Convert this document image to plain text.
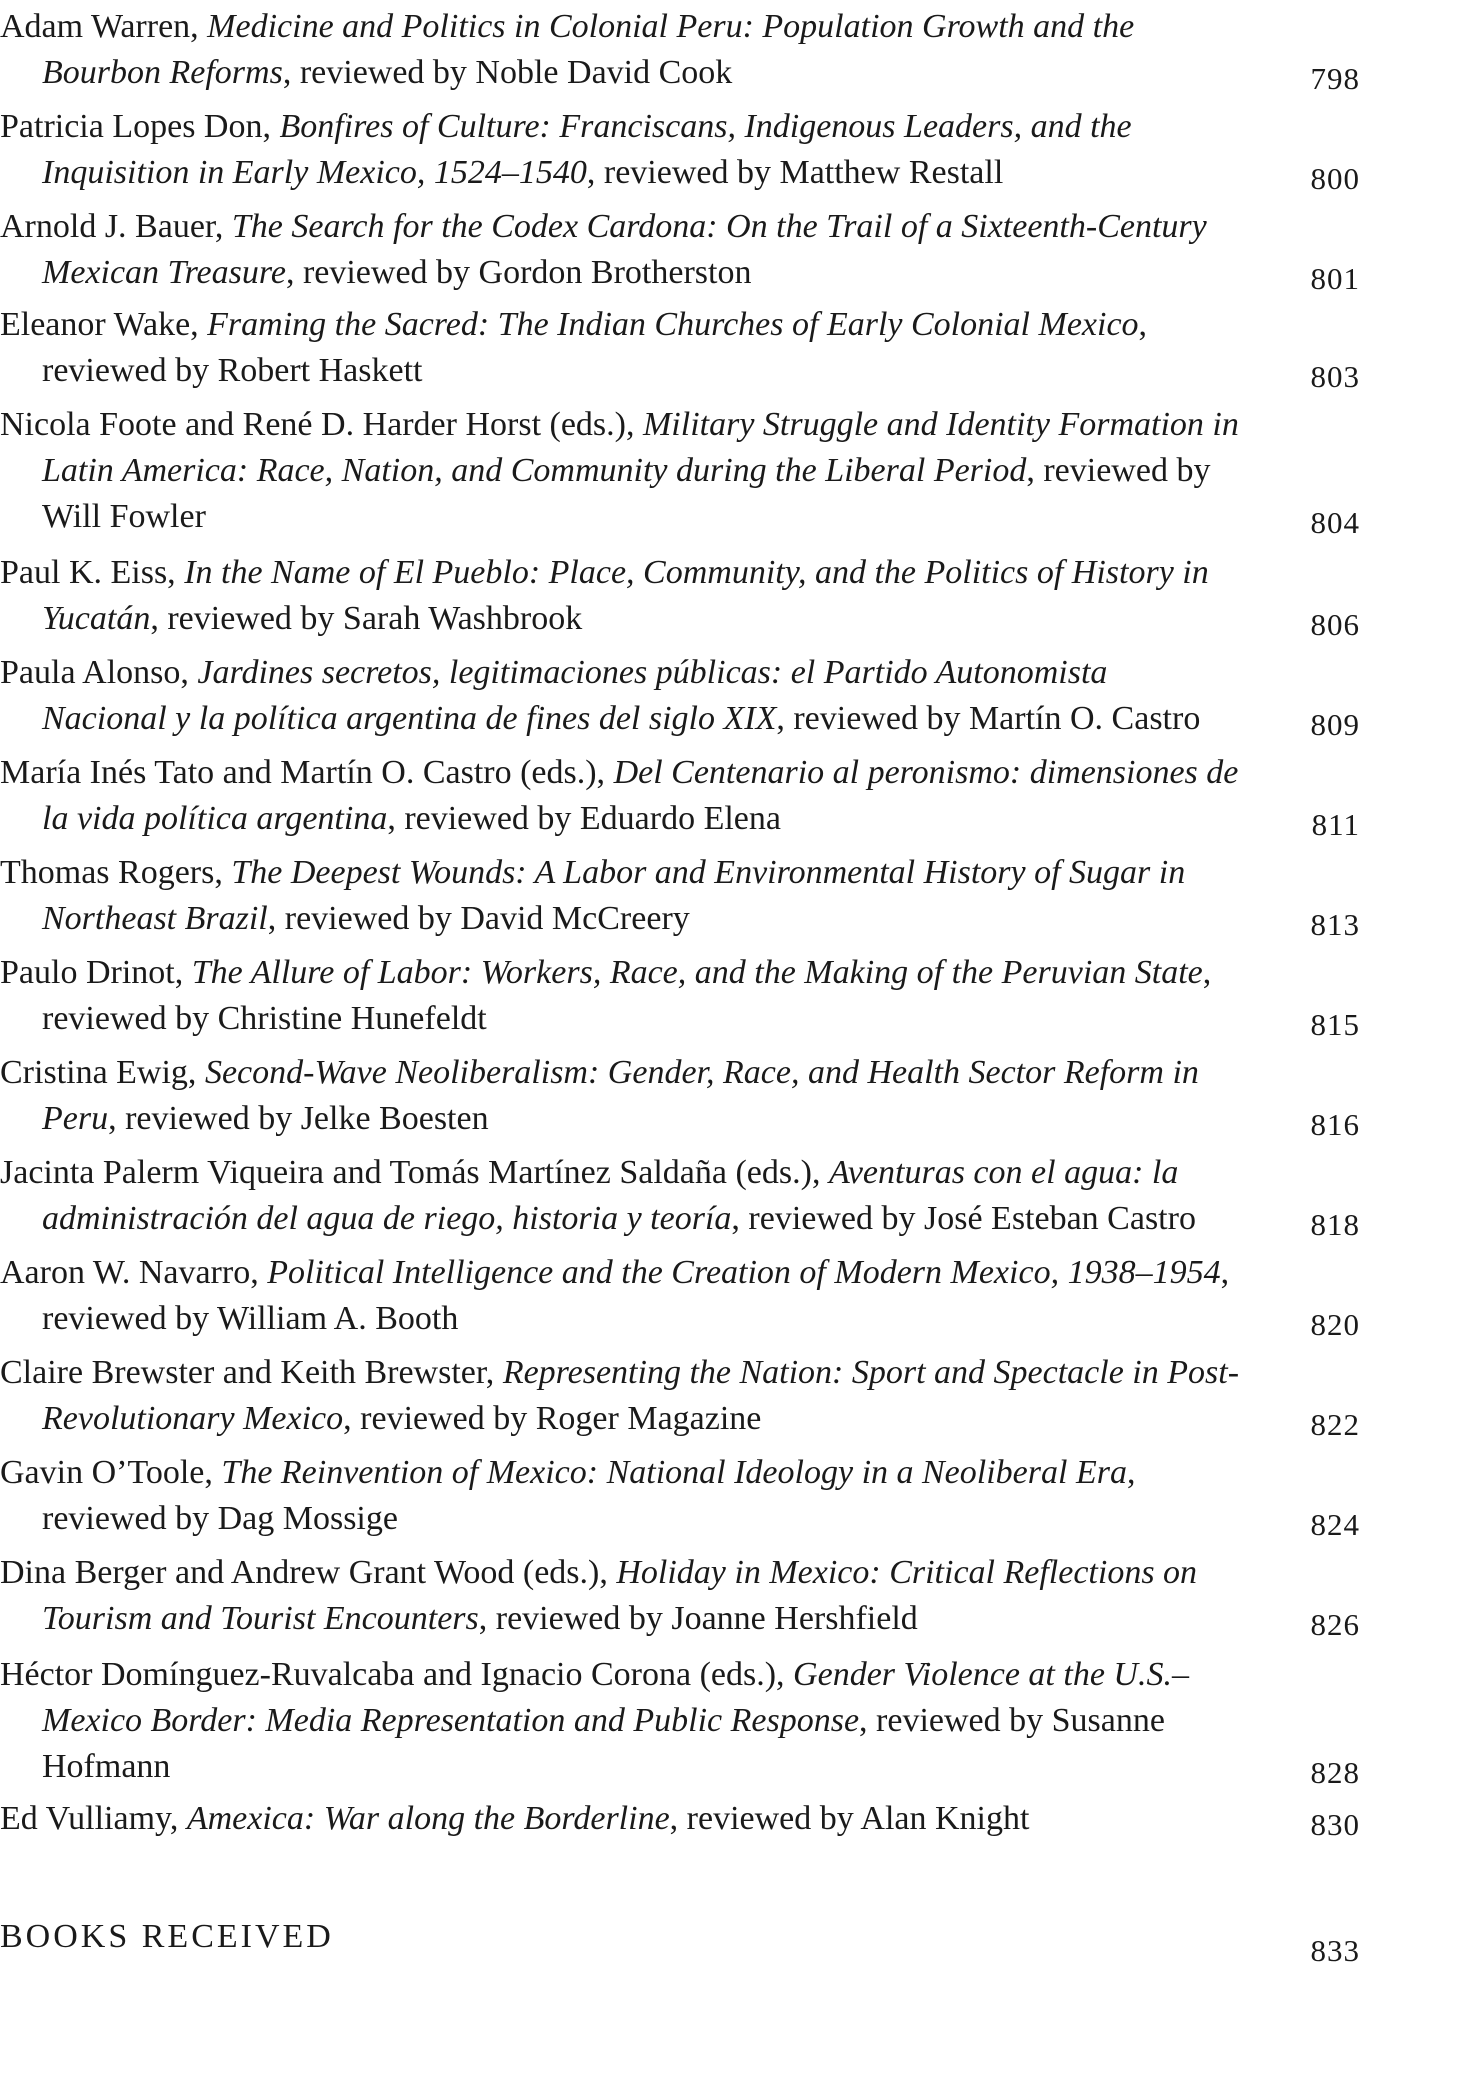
Adam Warren, Medicine and Politics in Colonial Peru: Population Growth and the Bourbon Reforms, reviewed by Noble David Cook	798
Patricia Lopes Don, Bonfires of Culture: Franciscans, Indigenous Leaders, and the Inquisition in Early Mexico, 1524–1540, reviewed by Matthew Restall	800
Arnold J. Bauer, The Search for the Codex Cardona: On the Trail of a Sixteenth-Century Mexican Treasure, reviewed by Gordon Brotherston	801
Eleanor Wake, Framing the Sacred: The Indian Churches of Early Colonial Mexico, reviewed by Robert Haskett	803
Nicola Foote and René D. Harder Horst (eds.), Military Struggle and Identity Formation in Latin America: Race, Nation, and Community during the Liberal Period, reviewed by Will Fowler	804
Paul K. Eiss, In the Name of El Pueblo: Place, Community, and the Politics of History in Yucatán, reviewed by Sarah Washbrook	806
Paula Alonso, Jardines secretos, legitimaciones públicas: el Partido Autonomista Nacional y la política argentina de fines del siglo XIX, reviewed by Martín O. Castro	809
María Inés Tato and Martín O. Castro (eds.), Del Centenario al peronismo: dimensiones de la vida política argentina, reviewed by Eduardo Elena	811
Thomas Rogers, The Deepest Wounds: A Labor and Environmental History of Sugar in Northeast Brazil, reviewed by David McCreery	813
Paulo Drinot, The Allure of Labor: Workers, Race, and the Making of the Peruvian State, reviewed by Christine Hunefeldt	815
Cristina Ewig, Second-Wave Neoliberalism: Gender, Race, and Health Sector Reform in Peru, reviewed by Jelke Boesten	816
Jacinta Palerm Viqueira and Tomás Martínez Saldaña (eds.), Aventuras con el agua: la administración del agua de riego, historia y teoría, reviewed by José Esteban Castro	818
Aaron W. Navarro, Political Intelligence and the Creation of Modern Mexico, 1938–1954, reviewed by William A. Booth	820
Claire Brewster and Keith Brewster, Representing the Nation: Sport and Spectacle in Post-Revolutionary Mexico, reviewed by Roger Magazine	822
Gavin O’Toole, The Reinvention of Mexico: National Ideology in a Neoliberal Era, reviewed by Dag Mossige	824
Dina Berger and Andrew Grant Wood (eds.), Holiday in Mexico: Critical Reflections on Tourism and Tourist Encounters, reviewed by Joanne Hershfield	826
Héctor Domínguez-Ruvalcaba and Ignacio Corona (eds.), Gender Violence at the U.S.–Mexico Border: Media Representation and Public Response, reviewed by Susanne Hofmann	828
Ed Vulliamy, Amexica: War along the Borderline, reviewed by Alan Knight	830
BOOKS RECEIVED	833
